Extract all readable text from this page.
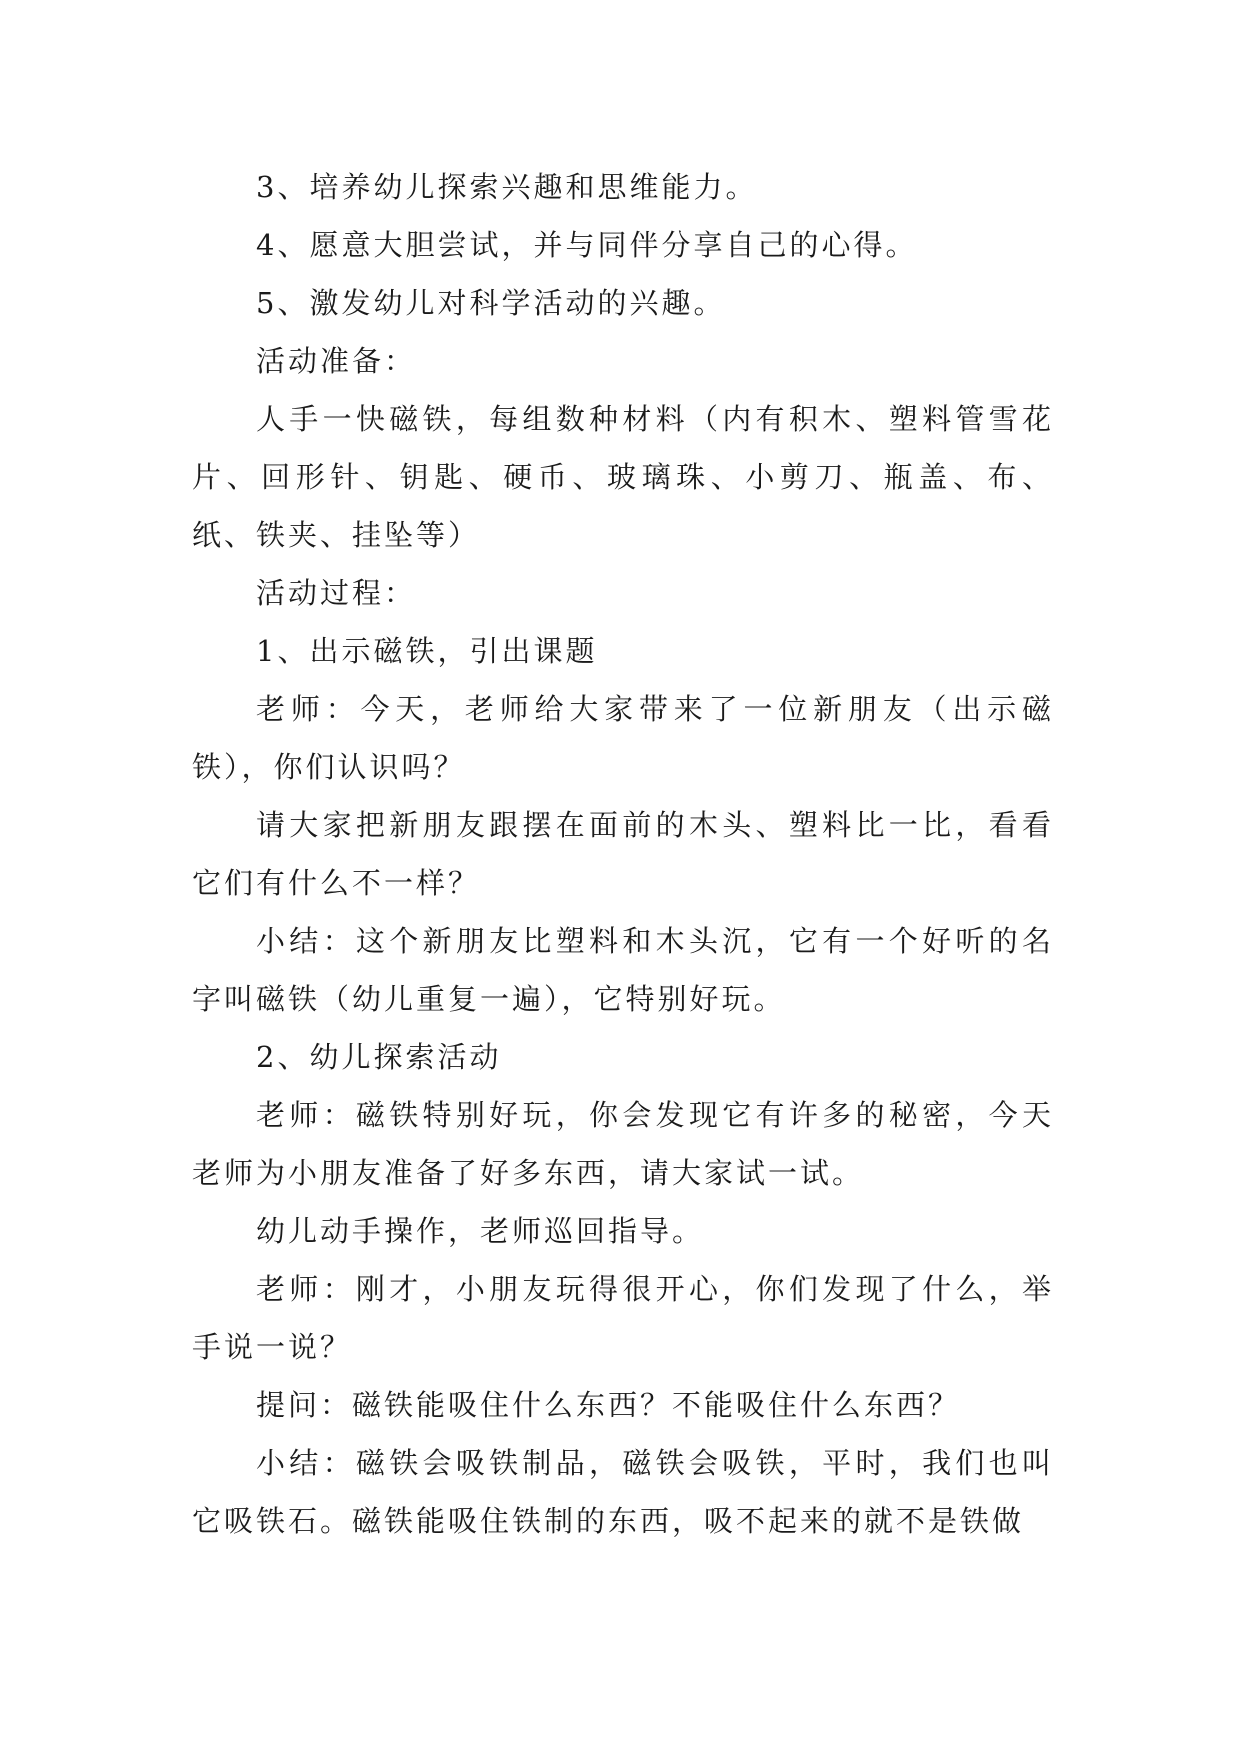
3、培养幼儿探索兴趣和思维能力。

4、愿意大胆尝试，并与同伴分享自己的心得。

5、激发幼儿对科学活动的兴趣。

活动准备：

人手一快磁铁，每组数种材料（内有积木、塑料管雪花片、回形针、钥匙、硬币、玻璃珠、小剪刀、瓶盖、布、纸、铁夹、挂坠等）

活动过程：

1、出示磁铁，引出课题

老师：今天，老师给大家带来了一位新朋友（出示磁铁），你们认识吗？

请大家把新朋友跟摆在面前的木头、塑料比一比，看看它们有什么不一样？

小结：这个新朋友比塑料和木头沉，它有一个好听的名字叫磁铁（幼儿重复一遍），它特别好玩。

2、幼儿探索活动

老师：磁铁特别好玩，你会发现它有许多的秘密，今天老师为小朋友准备了好多东西，请大家试一试。

幼儿动手操作，老师巡回指导。

老师：刚才，小朋友玩得很开心，你们发现了什么，举手说一说？

提问：磁铁能吸住什么东西？不能吸住什么东西？

小结：磁铁会吸铁制品，磁铁会吸铁，平时，我们也叫它吸铁石。磁铁能吸住铁制的东西，吸不起来的就不是铁做
